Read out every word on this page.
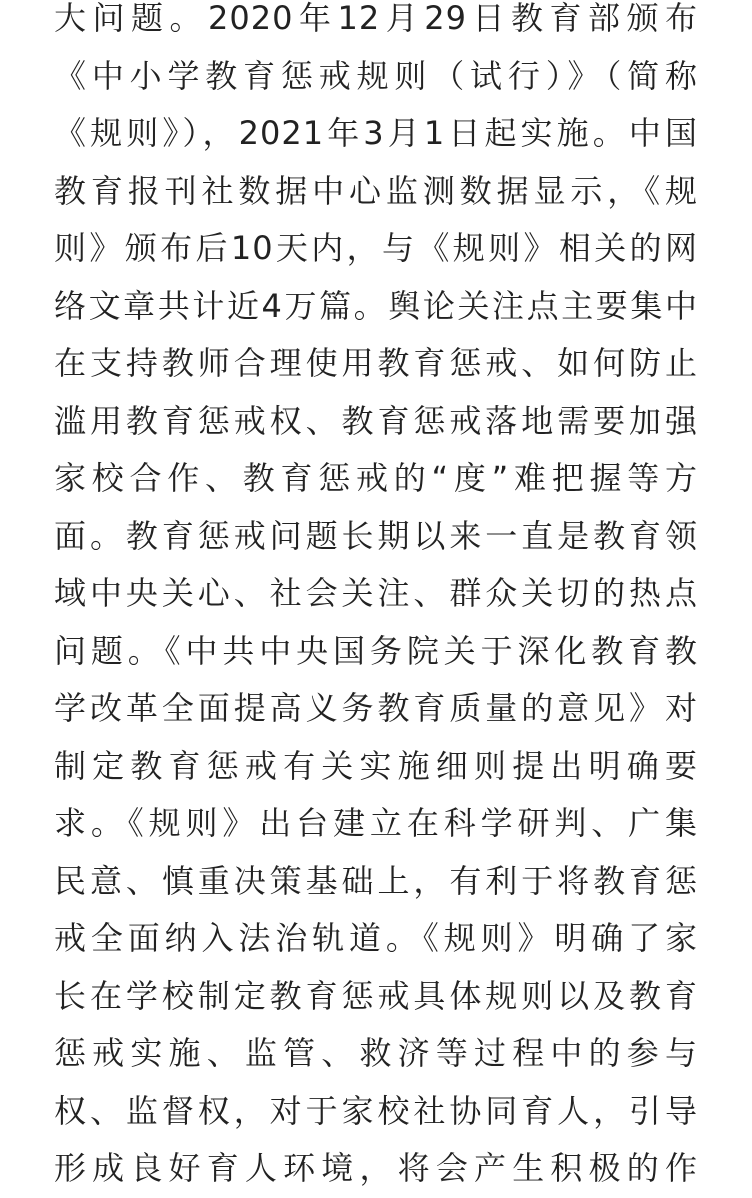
大问题。2020年12月29日教育部颁布
《中小学教育惩戒规则（试行）》（简称
《规则》），2021年3月1日起实施。中国
教育报刊社数据中心监测数据显示，《规
则》颁布后10天内，与《规则》相关的网
络文章共计近4万篇。舆论关注点主要集中
在支持教师合理使用教育惩戒、如何防止
滥用教育惩戒权、教育惩戒落地需要加强
家校合作、教育惩戒的“度”难把握等方
面。教育惩戒问题长期以来一直是教育领
域中央关心、社会关注、群众关切的热点
问题。《中共中央国务院关于深化教育教
学改革全面提高义务教育质量的意见》对
制定教育惩戒有关实施细则提出明确要
求。《规则》出台建立在科学研判、广集
民意、慎重决策基础上，有利于将教育惩
戒全面纳入法治轨道。《规则》明确了家
长在学校制定教育惩戒具体规则以及教育
惩戒实施、监管、救济等过程中的参与
权、监督权，对于家校社协同育人，引导
形成良好育人环境，将会产生积极的作
